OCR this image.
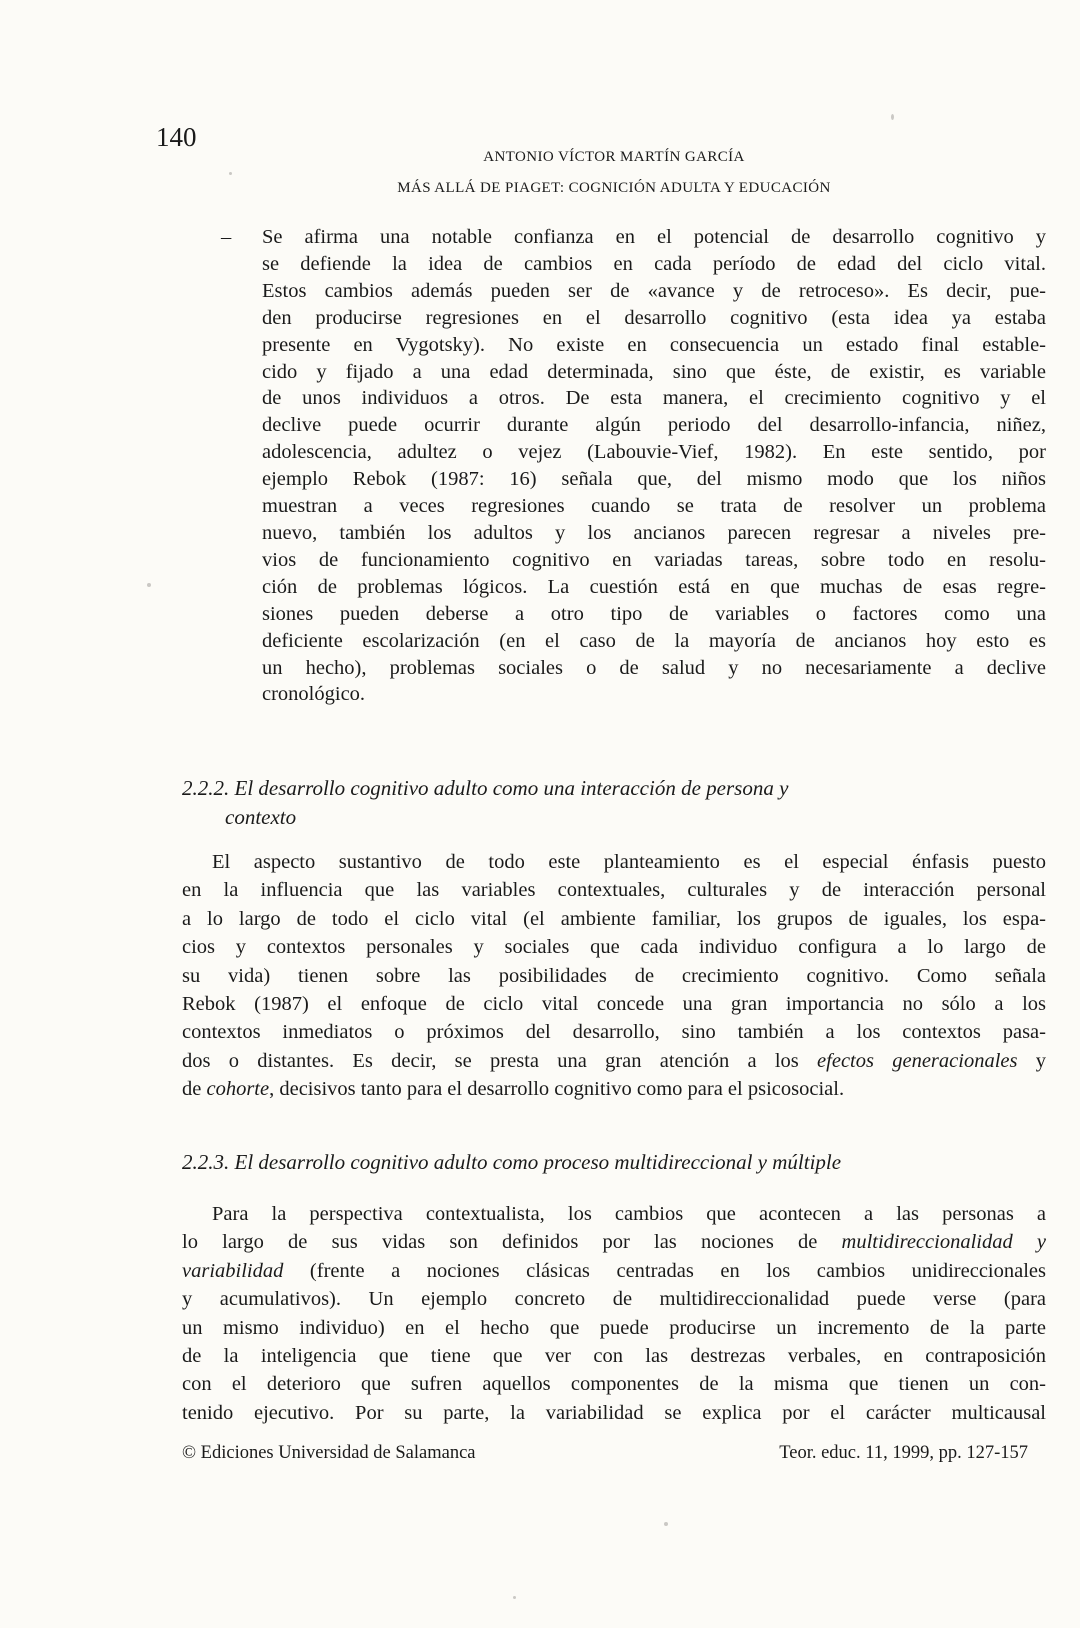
140
ANTONIO VÍCTOR MARTÍN GARCÍA
MÁS ALLÁ DE PIAGET: COGNICIÓN ADULTA Y EDUCACIÓN
– Se afirma una notable confianza en el potencial de desarrollo cognitivo y
se defiende la idea de cambios en cada período de edad del ciclo vital.
Estos cambios además pueden ser de «avance y de retroceso». Es decir, pue-
den producirse regresiones en el desarrollo cognitivo (esta idea ya estaba
presente en Vygotsky). No existe en consecuencia un estado final estable-
cido y fijado a una edad determinada, sino que éste, de existir, es variable
de unos individuos a otros. De esta manera, el crecimiento cognitivo y el
declive puede ocurrir durante algún periodo del desarrollo-infancia, niñez,
adolescencia, adultez o vejez (Labouvie-Vief, 1982). En este sentido, por
ejemplo Rebok (1987: 16) señala que, del mismo modo que los niños
muestran a veces regresiones cuando se trata de resolver un problema
nuevo, también los adultos y los ancianos parecen regresar a niveles pre-
vios de funcionamiento cognitivo en variadas tareas, sobre todo en resolu-
ción de problemas lógicos. La cuestión está en que muchas de esas regre-
siones pueden deberse a otro tipo de variables o factores como una
deficiente escolarización (en el caso de la mayoría de ancianos hoy esto es
un hecho), problemas sociales o de salud y no necesariamente a declive
cronológico.
2.2.2. El desarrollo cognitivo adulto como una interacción de persona y
contexto
El aspecto sustantivo de todo este planteamiento es el especial énfasis puesto
en la influencia que las variables contextuales, culturales y de interacción personal
a lo largo de todo el ciclo vital (el ambiente familiar, los grupos de iguales, los espa-
cios y contextos personales y sociales que cada individuo configura a lo largo de
su vida) tienen sobre las posibilidades de crecimiento cognitivo. Como señala
Rebok (1987) el enfoque de ciclo vital concede una gran importancia no sólo a los
contextos inmediatos o próximos del desarrollo, sino también a los contextos pasa-
dos o distantes. Es decir, se presta una gran atención a los efectos generacionales y
de cohorte, decisivos tanto para el desarrollo cognitivo como para el psicosocial.
2.2.3. El desarrollo cognitivo adulto como proceso multidireccional y múltiple
Para la perspectiva contextualista, los cambios que acontecen a las personas a
lo largo de sus vidas son definidos por las nociones de multidireccionalidad y
variabilidad (frente a nociones clásicas centradas en los cambios unidireccionales
y acumulativos). Un ejemplo concreto de multidireccionalidad puede verse (para
un mismo individuo) en el hecho que puede producirse un incremento de la parte
de la inteligencia que tiene que ver con las destrezas verbales, en contraposición
con el deterioro que sufren aquellos componentes de la misma que tienen un con-
tenido ejecutivo. Por su parte, la variabilidad se explica por el carácter multicausal
© Ediciones Universidad de Salamanca	Teor. educ. 11, 1999, pp. 127-157
